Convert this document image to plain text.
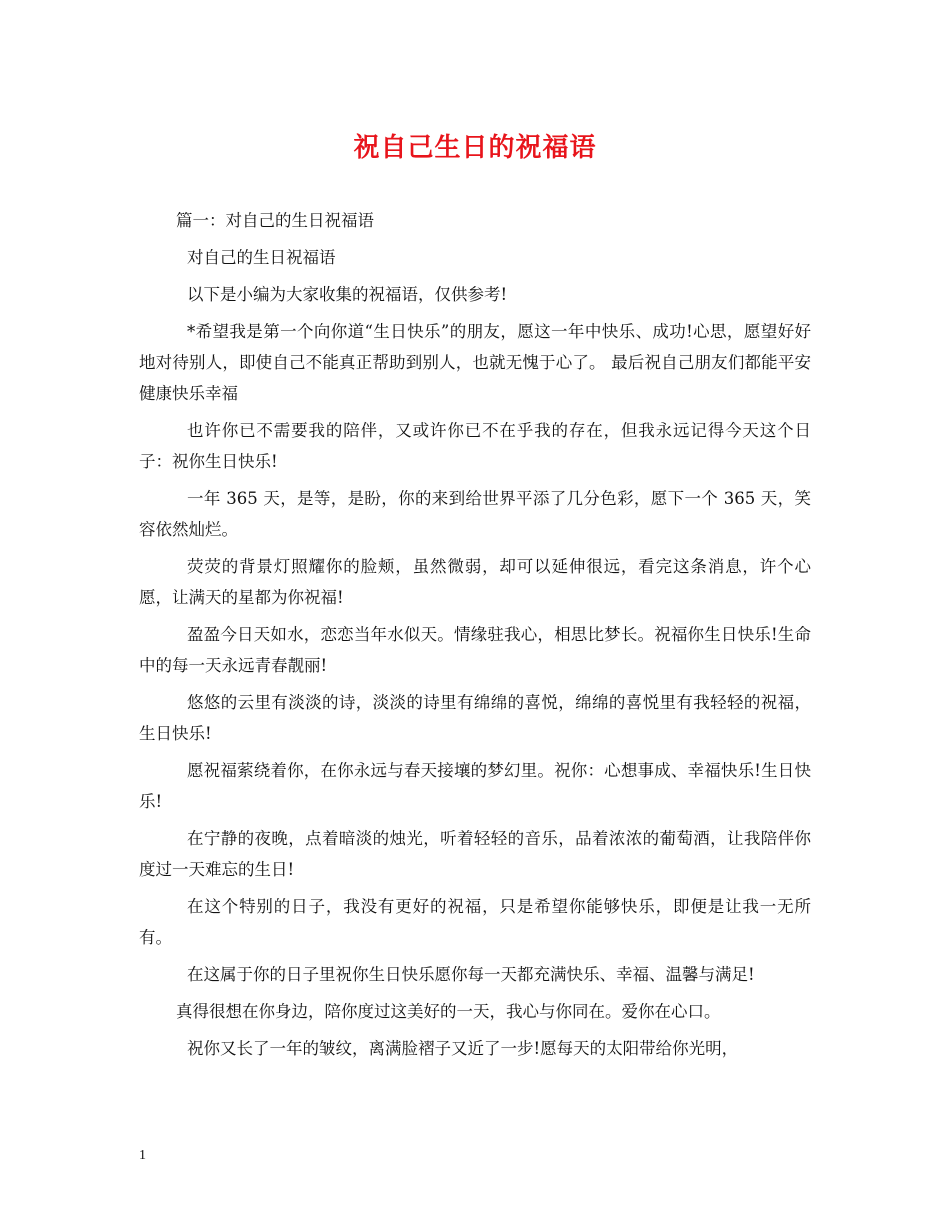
祝自己生日的祝福语

篇一：对自己的生日祝福语

对自己的生日祝福语

以下是小编为大家收集的祝福语，仅供参考!

*希望我是第一个向你道“生日快乐”的朋友，愿这一年中快乐、成功!心思，愿望好好地对待别人，即使自己不能真正帮助到别人，也就无愧于心了。 最后祝自己朋友们都能平安健康快乐幸福

也许你已不需要我的陪伴，又或许你已不在乎我的存在，但我永远记得今天这个日子：祝你生日快乐!

一年 365 天，是等，是盼，你的来到给世界平添了几分色彩，愿下一个 365 天，笑容依然灿烂。

荧荧的背景灯照耀你的脸颊，虽然微弱，却可以延伸很远，看完这条消息，许个心愿，让满天的星都为你祝福!

盈盈今日天如水，恋恋当年水似天。情缘驻我心，相思比梦长。祝福你生日快乐!生命中的每一天永远青春靓丽!

悠悠的云里有淡淡的诗，淡淡的诗里有绵绵的喜悦，绵绵的喜悦里有我轻轻的祝福，生日快乐!

愿祝福萦绕着你，在你永远与春天接壤的梦幻里。祝你：心想事成、幸福快乐!生日快乐!

在宁静的夜晚，点着暗淡的烛光，听着轻轻的音乐，品着浓浓的葡萄酒，让我陪伴你度过一天难忘的生日!

在这个特别的日子，我没有更好的祝福，只是希望你能够快乐，即便是让我一无所有。

在这属于你的日子里祝你生日快乐愿你每一天都充满快乐、幸福、温馨与满足!

真得很想在你身边，陪你度过这美好的一天，我心与你同在。爱你在心口。

祝你又长了一年的皱纹，离满脸褶子又近了一步!愿每天的太阳带给你光明，

1
